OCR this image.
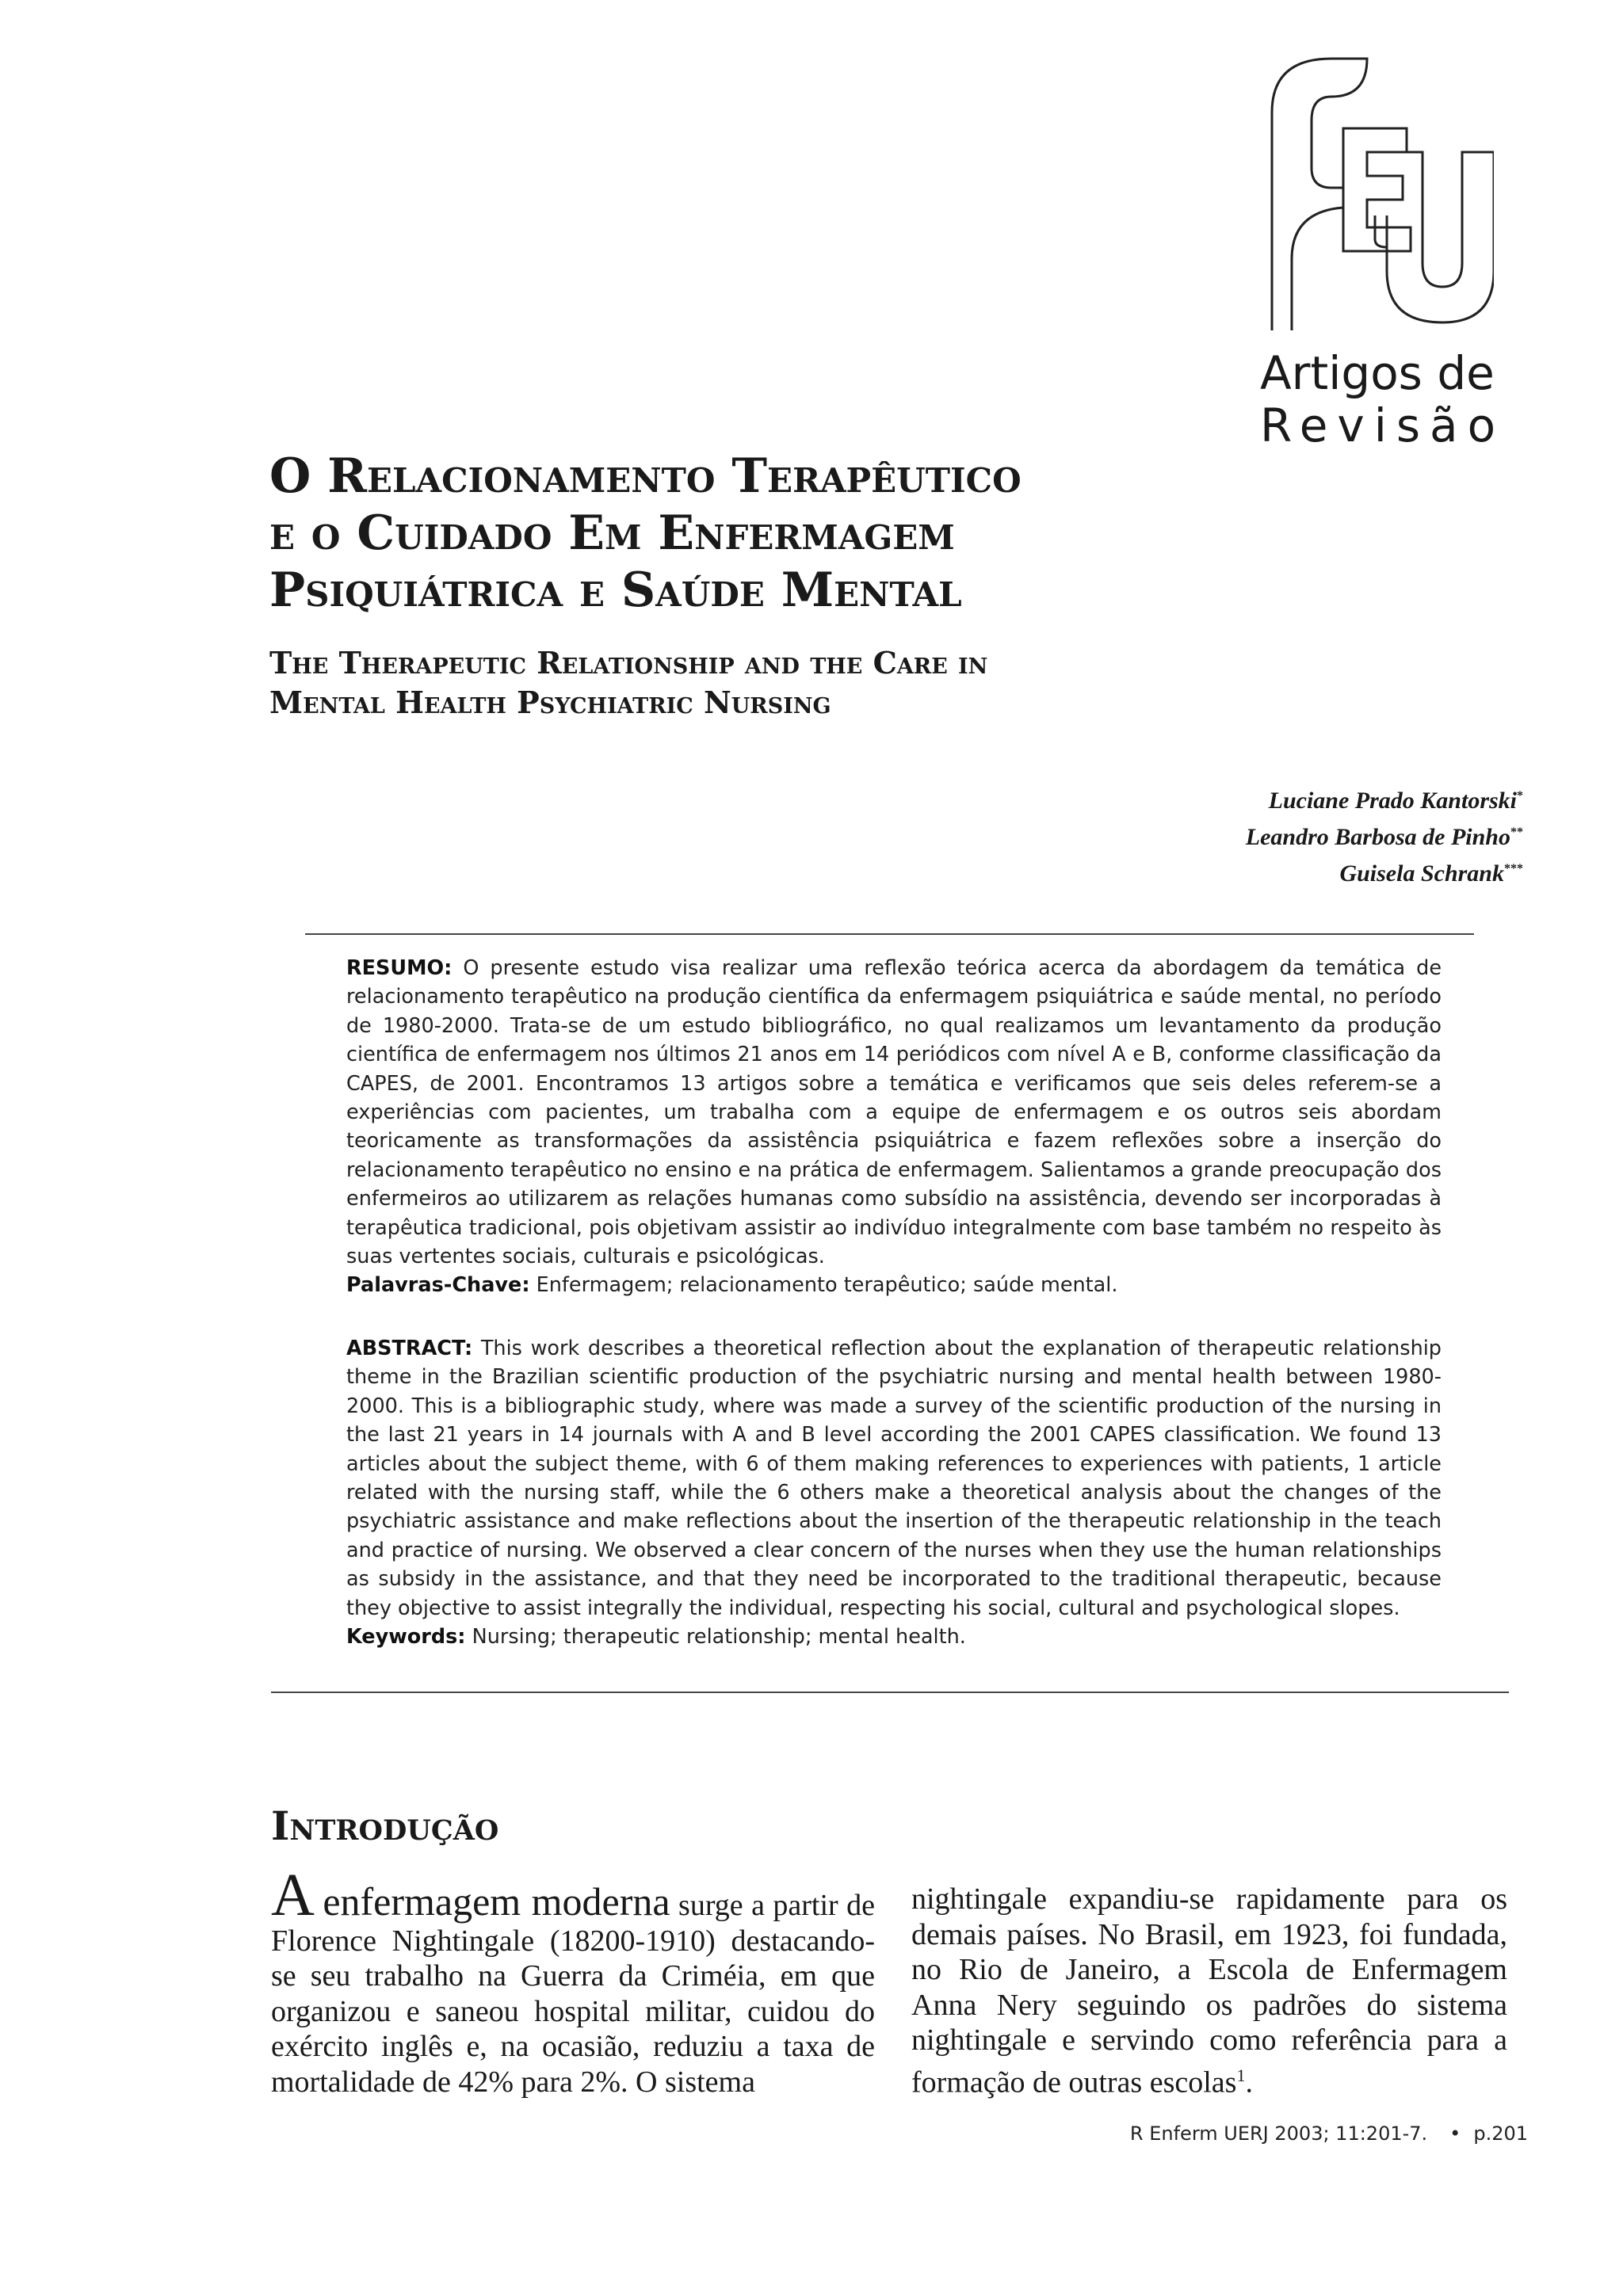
Artigos de

Revisão
O Relacionamento Terapêutico
e o Cuidado Em Enfermagem
Psiquiátrica e Saúde Mental
The Therapeutic Relationship and the Care in
Mental Health Psychiatric Nursing
Luciane Prado Kantorski*
Leandro Barbosa de Pinho**
Guisela Schrank***
RESUMO: O presente estudo visa realizar uma reflexão teórica acerca da abordagem da temática de relacionamento terapêutico na produção científica da enfermagem psiquiátrica e saúde mental, no período de 1980-2000. Trata-se de um estudo bibliográfico, no qual realizamos um levantamento da produção científica de enfermagem nos últimos 21 anos em 14 periódicos com nível A e B, conforme classificação da CAPES, de 2001. Encontramos 13 artigos sobre a temática e verificamos que seis deles referem-se a experiências com pacientes, um trabalha com a equipe de enfermagem e os outros seis abordam teoricamente as transformações da assistência psiquiátrica e fazem reflexões sobre a inserção do relacionamento terapêutico no ensino e na prática de enfermagem. Salientamos a grande preocupação dos enfermeiros ao utilizarem as relações humanas como subsídio na assistência, devendo ser incorporadas à terapêutica tradicional, pois objetivam assistir ao indivíduo integralmente com base também no respeito às suas vertentes sociais, culturais e psicológicas.
Palavras-Chave: Enfermagem; relacionamento terapêutico; saúde mental.
ABSTRACT: This work describes a theoretical reflection about the explanation of therapeutic relationship theme in the Brazilian scientific production of the psychiatric nursing and mental health between 1980-2000. This is a bibliographic study, where was made a survey of the scientific production of the nursing in the last 21 years in 14 journals with A and B level according the 2001 CAPES classification. We found 13 articles about the subject theme, with 6 of them making references to experiences with patients, 1 article related with the nursing staff, while the 6 others make a theoretical analysis about the changes of the psychiatric assistance and make reflections about the insertion of the therapeutic relationship in the teach and practice of nursing. We observed a clear concern of the nurses when they use the human relationships as subsidy in the assistance, and that they need be incorporated to the traditional therapeutic, because they objective to assist integrally the individual, respecting his social, cultural and psychological slopes.
Keywords: Nursing; therapeutic relationship; mental health.
Introdução
A enfermagem moderna surge a partir de Florence Nightingale (18200-1910) destacando-se seu trabalho na Guerra da Criméia, em que organizou e saneou hospital militar, cuidou do exército inglês e, na ocasião, reduziu a taxa de mortalidade de 42% para 2%. O sistema
nightingale expandiu-se rapidamente para os demais países. No Brasil, em 1923, foi fundada, no Rio de Janeiro, a Escola de Enfermagem Anna Nery seguindo os padrões do sistema nightingale e servindo como referência para a formação de outras escolas$^1$.
R Enferm UERJ 2003; 11:201-7. • p.201
